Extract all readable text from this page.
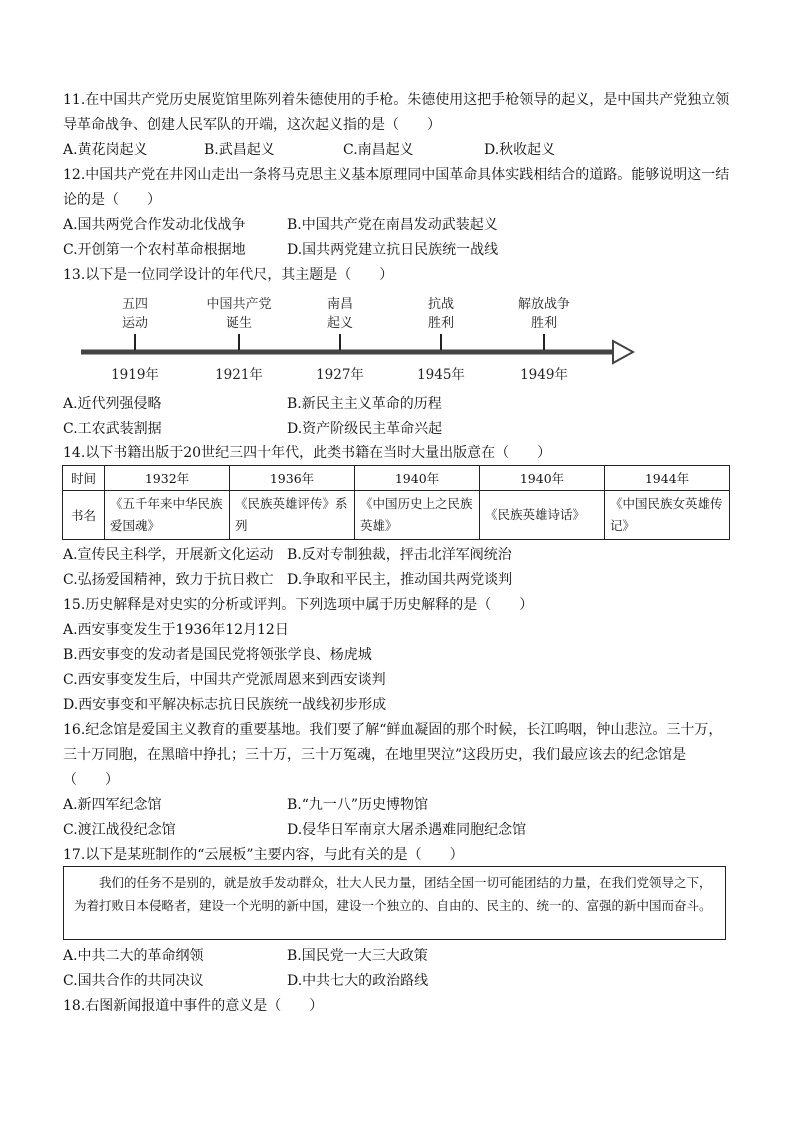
11.在中国共产党历史展览馆里陈列着朱德使用的手枪。朱德使用这把手枪领导的起义，是中国共产党独立领
导革命战争、创建人民军队的开端，这次起义指的是（　　）
A.黄花岗起义	B.武昌起义	C.南昌起义	D.秋收起义
12.中国共产党在井冈山走出一条将马克思主义基本原理同中国革命具体实践相结合的道路。能够说明这一结
论的是（　　）
A.国共两党合作发动北伐战争	B.中国共产党在南昌发动武装起义
C.开创第一个农村革命根据地	D.国共两党建立抗日民族统一战线
13.以下是一位同学设计的年代尺，其主题是（　　）
五四
运动
1919年
中国共产党
诞生
1921年
南昌
起义
1927年
抗战
胜利
1945年
解放战争
胜利
1949年
A.近代列强侵略	B.新民主主义革命的历程
C.工农武装割据	D.资产阶级民主革命兴起
14.以下书籍出版于20世纪三四十年代，此类书籍在当时大量出版意在（　　）
时间	1932年	1936年	1940年	1940年	1944年
书名	《五千年来中华民族爱国魂》	《民族英雄评传》系列	《中国历史上之民族英雄》	《民族英雄诗话》	《中国民族女英雄传记》
A.宣传民主科学，开展新文化运动 B.反对专制独裁，抨击北洋军阀统治
C.弘扬爱国精神，致力于抗日救亡 D.争取和平民主，推动国共两党谈判
15.历史解释是对史实的分析或评判。下列选项中属于历史解释的是（　　）
A.西安事变发生于1936年12月12日
B.西安事变的发动者是国民党将领张学良、杨虎城
C.西安事变发生后，中国共产党派周恩来到西安谈判
D.西安事变和平解决标志抗日民族统一战线初步形成
16.纪念馆是爱国主义教育的重要基地。我们要了解“鲜血凝固的那个时候，长江呜咽，钟山悲泣。三十万，
三十万同胞，在黑暗中挣扎；三十万，三十万冤魂，在地里哭泣”这段历史，我们最应该去的纪念馆是
（　　）
A.新四军纪念馆	B.“九一八”历史博物馆
C.渡江战役纪念馆	D.侵华日军南京大屠杀遇难同胞纪念馆
17.以下是某班制作的“云展板”主要内容，与此有关的是（　　）
我们的任务不是别的，就是放手发动群众，壮大人民力量，团结全国一切可能团结的力量，在我们党领导之下，为着打败日本侵略者，建设一个光明的新中国，建设一个独立的、自由的、民主的、统一的、富强的新中国而奋斗。
A.中共二大的革命纲领	B.国民党一大三大政策
C.国共合作的共同决议	D.中共七大的政治路线
18.右图新闻报道中事件的意义是（　　）
